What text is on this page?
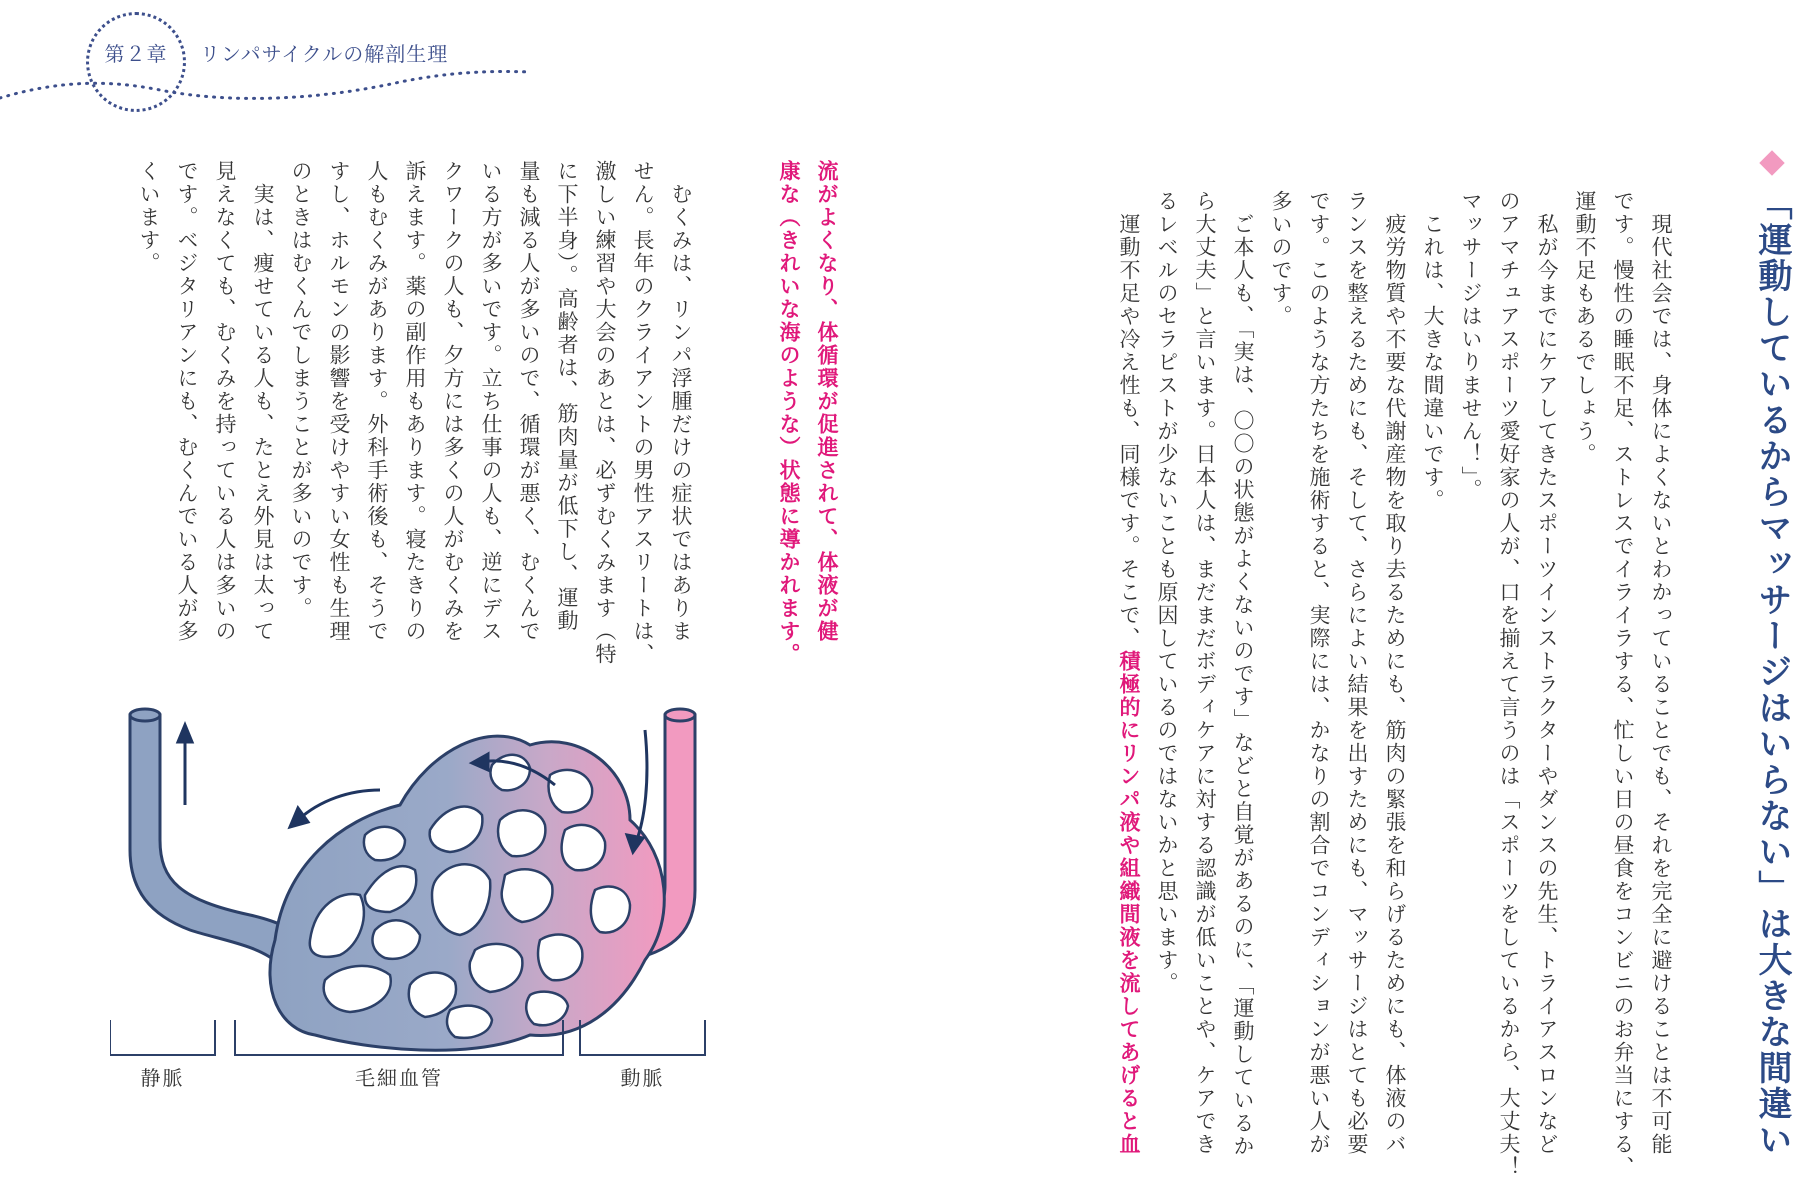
第２章	リンパサイクルの解剖生理
「運動しているからマッサージはいらない」は大きな間違い
　現代社会では、身体によくないとわかっていることでも、それを完全に避けることは不可能
です。慢性の睡眠不足、ストレスでイライラする、忙しい日の昼食をコンビニのお弁当にする、
運動不足もあるでしょう。
　私が今までにケアしてきたスポーツインストラクターやダンスの先生、トライアスロンなど
のアマチュアスポーツ愛好家の人が、口を揃えて言うのは「スポーツをしているから、大丈夫！
マッサージはいりません！」。
　これは、大きな間違いです。
　疲労物質や不要な代謝産物を取り去るためにも、筋肉の緊張を和らげるためにも、体液のバ
ランスを整えるためにも、そして、さらによい結果を出すためにも、マッサージはとても必要
です。このような方たちを施術すると、実際には、かなりの割合でコンディションが悪い人が
多いのです。
　ご本人も、「実は、〇〇の状態がよくないのです」などと自覚があるのに、「運動しているか
ら大丈夫」と言います。日本人は、まだまだボディケアに対する認識が低いことや、ケアでき
るレベルのセラピストが少ないことも原因しているのではないかと思います。
　運動不足や冷え性も、同様です。そこで、積極的にリンパ液や組織間液を流してあげると血
流がよくなり、体循環が促進されて、体液が健
康な（きれいな海のような）状態に導かれます。
　むくみは、リンパ浮腫だけの症状ではありま
せん。長年のクライアントの男性アスリートは、
激しい練習や大会のあとは、必ずむくみます（特
に下半身）。高齢者は、筋肉量が低下し、運動
量も減る人が多いので、循環が悪く、むくんで
いる方が多いです。立ち仕事の人も、逆にデス
クワークの人も、夕方には多くの人がむくみを
訴えます。薬の副作用もあります。寝たきりの
人もむくみがあります。外科手術後も、そうで
すし、ホルモンの影響を受けやすい女性も生理
のときはむくんでしまうことが多いのです。
　実は、痩せている人も、たとえ外見は太って
見えなくても、むくみを持っている人は多いの
です。ベジタリアンにも、むくんでいる人が多
くいます。
静脈	毛細血管	動脈
